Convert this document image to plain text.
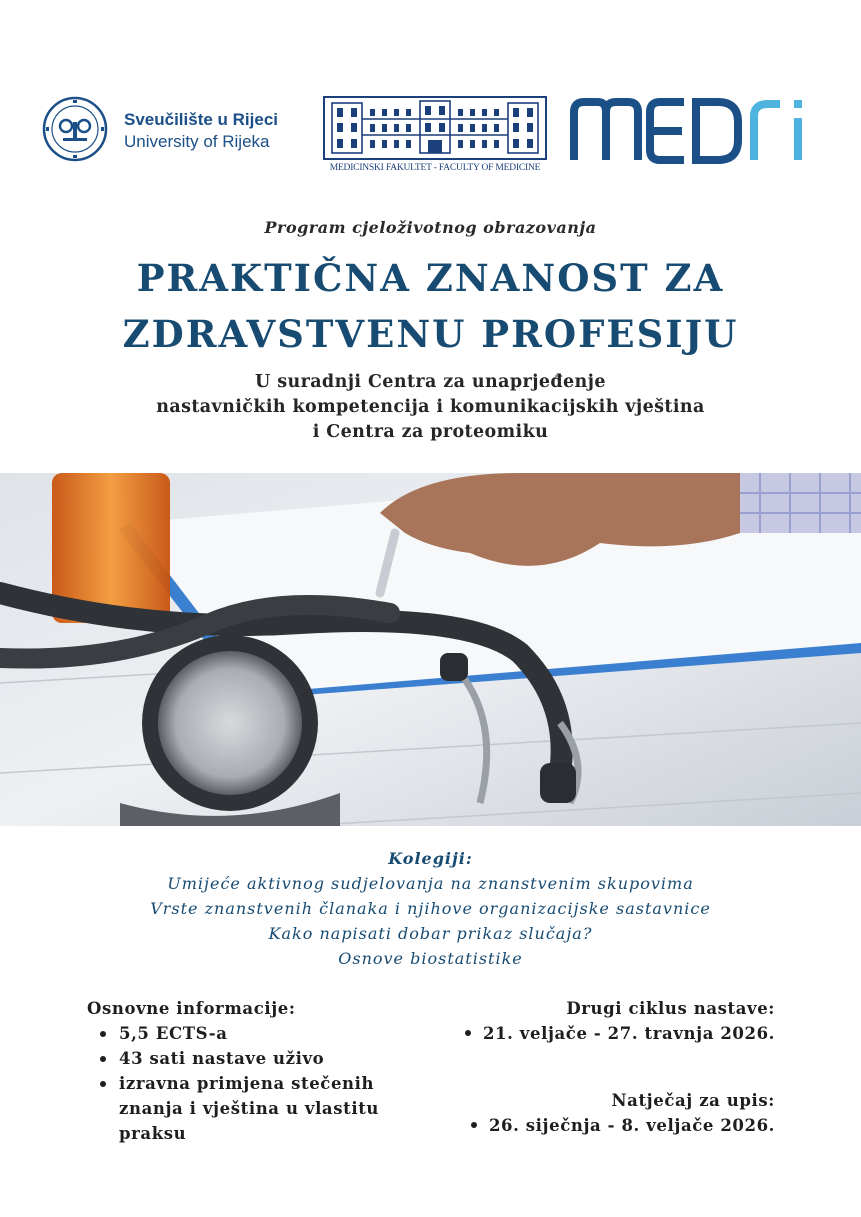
Sveučilište u Rijeci
University of Rijeka
MEDICINSKI FAKULTET - FACULTY OF MEDICINE
Program cjeloživotnog obrazovanja
PRAKTIČNA ZNANOST ZA
ZDRAVSTVENU PROFESIJU
U suradnji Centra za unaprjeđenje
nastavničkih kompetencija i komunikacijskih vještina
i Centra za proteomiku
Kolegiji:
Umijeće aktivnog sudjelovanja na znanstvenim skupovima
Vrste znanstvenih članaka i njihove organizacijske sastavnice
Kako napisati dobar prikaz slučaja?
Osnove biostatistike
Osnovne informacije:
5,5 ECTS-a
43 sati nastave uživo
izravna primjena stečenih znanja i vještina u vlastitu praksu
Drugi ciklus nastave:
21. veljače - 27. travnja 2026.
Natječaj za upis:
26. siječnja - 8. veljače 2026.
